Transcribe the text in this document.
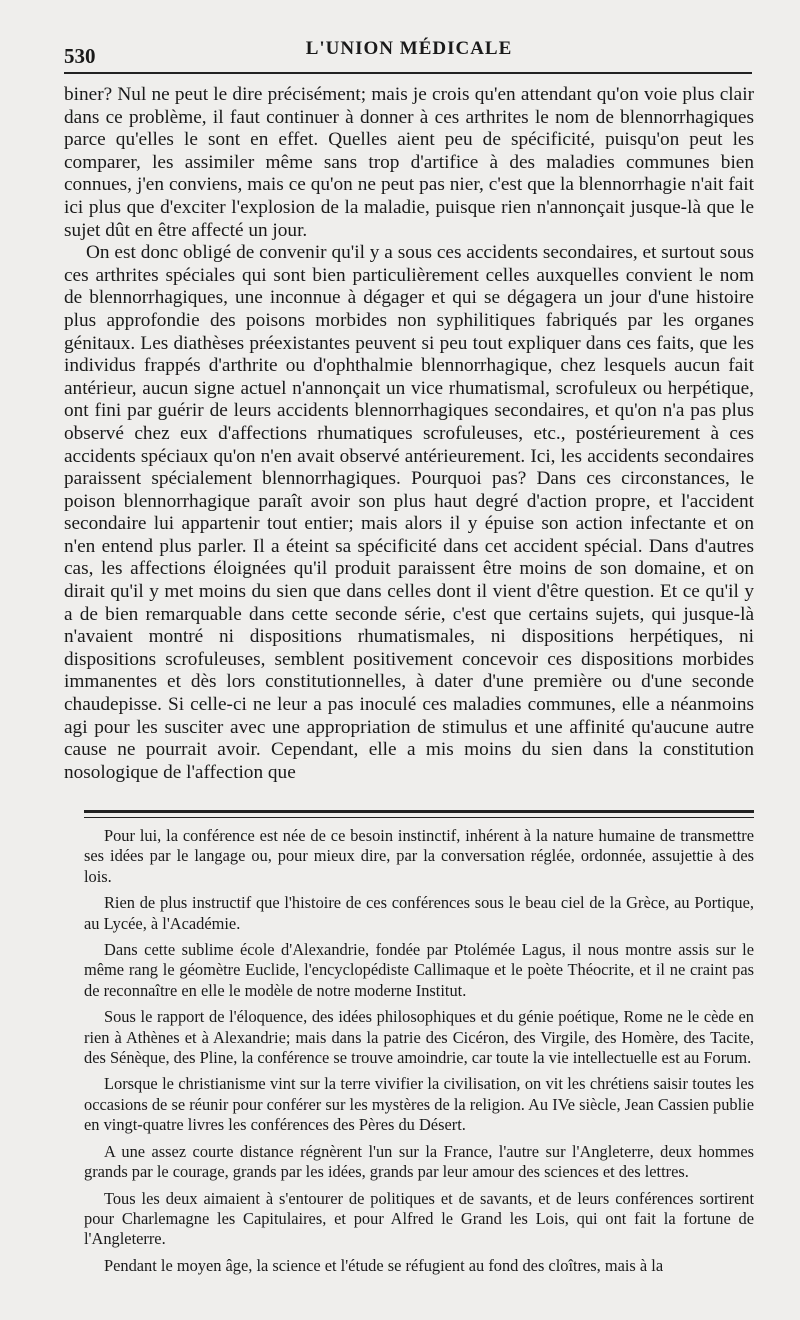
530	L'UNION MÉDICALE

biner? Nul ne peut le dire précisément; mais je crois qu'en attendant qu'on voie plus clair dans ce problème, il faut continuer à donner à ces arthrites le nom de blennorrhagiques parce qu'elles le sont en effet. Quelles aient peu de spécificité, puisqu'on peut les comparer, les assimiler même sans trop d'artifice à des maladies communes bien connues, j'en conviens, mais ce qu'on ne peut pas nier, c'est que la blennorrhagie n'ait fait ici plus que d'exciter l'explosion de la maladie, puisque rien n'annonçait jusque-là que le sujet dût en être affecté un jour.

On est donc obligé de convenir qu'il y a sous ces accidents secondaires, et surtout sous ces arthrites spéciales qui sont bien particulièrement celles auxquelles convient le nom de blennorrhagiques, une inconnue à dégager et qui se dégagera un jour d'une histoire plus approfondie des poisons morbides non syphilitiques fabriqués par les organes génitaux. Les diathèses préexistantes peuvent si peu tout expliquer dans ces faits, que les individus frappés d'arthrite ou d'ophthalmie blennorrhagique, chez lesquels aucun fait antérieur, aucun signe actuel n'annonçait un vice rhumatismal, scrofuleux ou herpétique, ont fini par guérir de leurs accidents blennorrhagiques secondaires, et qu'on n'a pas plus observé chez eux d'affections rhumatiques scrofuleuses, etc., postérieurement à ces accidents spéciaux qu'on n'en avait observé antérieurement. Ici, les accidents secondaires paraissent spécialement blennorrhagiques. Pourquoi pas? Dans ces circonstances, le poison blennorrhagique paraît avoir son plus haut degré d'action propre, et l'accident secondaire lui appartenir tout entier; mais alors il y épuise son action infectante et on n'en entend plus parler. Il a éteint sa spécificité dans cet accident spécial. Dans d'autres cas, les affections éloignées qu'il produit paraissent être moins de son domaine, et on dirait qu'il y met moins du sien que dans celles dont il vient d'être question. Et ce qu'il y a de bien remarquable dans cette seconde série, c'est que certains sujets, qui jusque-là n'avaient montré ni dispositions rhumatismales, ni dispositions herpétiques, ni dispositions scrofuleuses, semblent positivement concevoir ces dispositions morbides immanentes et dès lors constitutionnelles, à dater d'une première ou d'une seconde chaudepisse. Si celle-ci ne leur a pas inoculé ces maladies communes, elle a néanmoins agi pour les susciter avec une appropriation de stimulus et une affinité qu'aucune autre cause ne pourrait avoir. Cependant, elle a mis moins du sien dans la constitution nosologique de l'affection que

Pour lui, la conférence est née de ce besoin instinctif, inhérent à la nature humaine de transmettre ses idées par le langage ou, pour mieux dire, par la conversation réglée, ordonnée, assujettie à des lois.

Rien de plus instructif que l'histoire de ces conférences sous le beau ciel de la Grèce, au Portique, au Lycée, à l'Académie.

Dans cette sublime école d'Alexandrie, fondée par Ptolémée Lagus, il nous montre assis sur le même rang le géomètre Euclide, l'encyclopédiste Callimaque et le poète Théocrite, et il ne craint pas de reconnaître en elle le modèle de notre moderne Institut.

Sous le rapport de l'éloquence, des idées philosophiques et du génie poétique, Rome ne le cède en rien à Athènes et à Alexandrie; mais dans la patrie des Cicéron, des Virgile, des Homère, des Tacite, des Sénèque, des Pline, la conférence se trouve amoindrie, car toute la vie intellectuelle est au Forum.

Lorsque le christianisme vint sur la terre vivifier la civilisation, on vit les chrétiens saisir toutes les occasions de se réunir pour conférer sur les mystères de la religion. Au IVe siècle, Jean Cassien publie en vingt-quatre livres les conférences des Pères du Désert.

A une assez courte distance régnèrent l'un sur la France, l'autre sur l'Angleterre, deux hommes grands par le courage, grands par les idées, grands par leur amour des sciences et des lettres.

Tous les deux aimaient à s'entourer de politiques et de savants, et de leurs conférences sortirent pour Charlemagne les Capitulaires, et pour Alfred le Grand les Lois, qui ont fait la fortune de l'Angleterre.

Pendant le moyen âge, la science et l'étude se réfugient au fond des cloîtres, mais à la
